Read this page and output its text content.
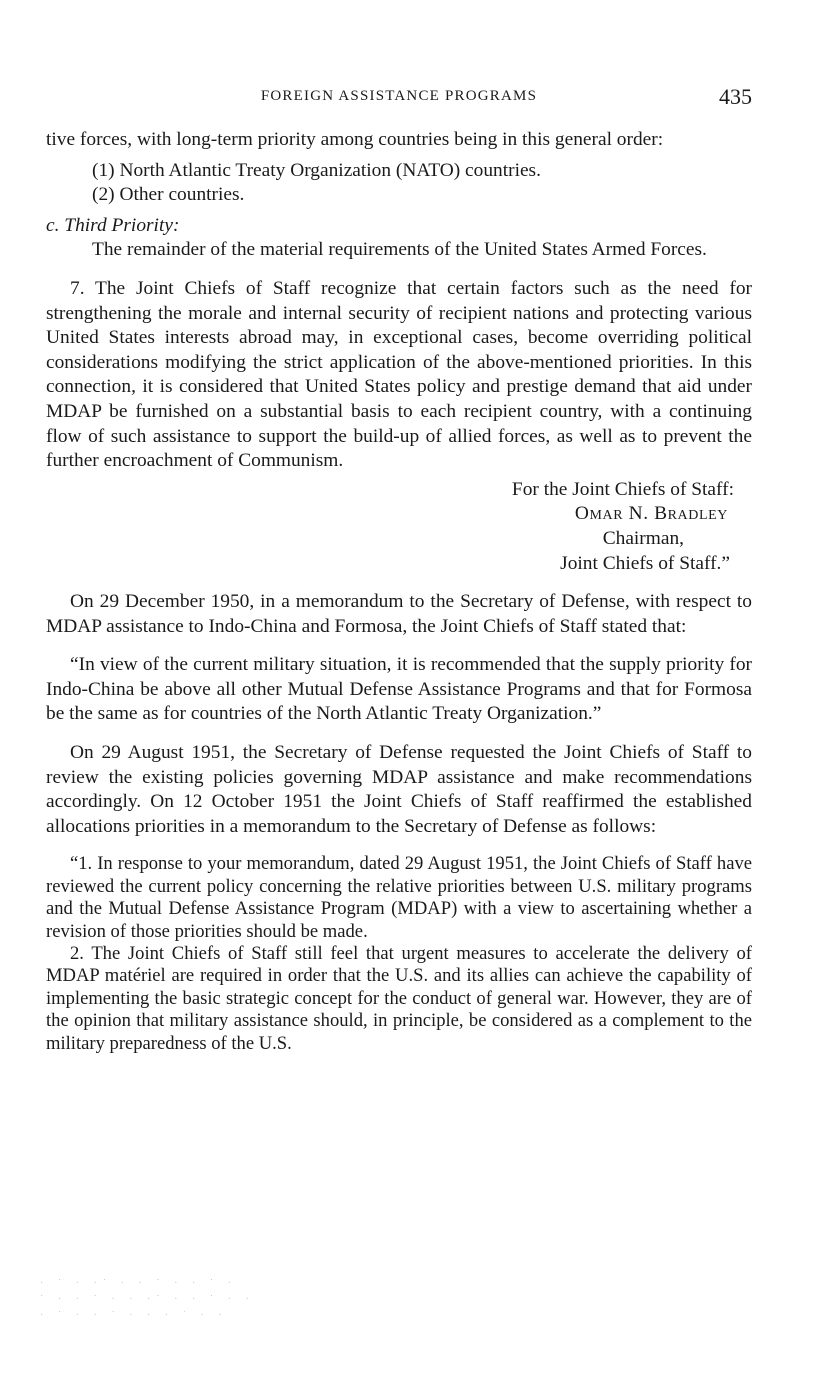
FOREIGN ASSISTANCE PROGRAMS	435

tive forces, with long-term priority among countries being in this general order:

(1) North Atlantic Treaty Organization (NATO) countries.
(2) Other countries.

c. Third Priority:

The remainder of the material requirements of the United States Armed Forces.

7. The Joint Chiefs of Staff recognize that certain factors such as the need for strengthening the morale and internal security of recipient nations and protecting various United States interests abroad may, in exceptional cases, become overriding political considerations modifying the strict application of the above-mentioned priorities. In this connection, it is considered that United States policy and prestige demand that aid under MDAP be furnished on a substantial basis to each recipient country, with a continuing flow of such assistance to support the build-up of allied forces, as well as to prevent the further encroachment of Communism.

For the Joint Chiefs of Staff:
Omar N. Bradley
Chairman,
Joint Chiefs of Staff.”

On 29 December 1950, in a memorandum to the Secretary of Defense, with respect to MDAP assistance to Indo-China and Formosa, the Joint Chiefs of Staff stated that:

“In view of the current military situation, it is recommended that the supply priority for Indo-China be above all other Mutual Defense Assistance Programs and that for Formosa be the same as for countries of the North Atlantic Treaty Organization.”

On 29 August 1951, the Secretary of Defense requested the Joint Chiefs of Staff to review the existing policies governing MDAP assistance and make recommendations accordingly. On 12 October 1951 the Joint Chiefs of Staff reaffirmed the established allocations priorities in a memorandum to the Secretary of Defense as follows:

“1. In response to your memorandum, dated 29 August 1951, the Joint Chiefs of Staff have reviewed the current policy concerning the relative priorities between U.S. military programs and the Mutual Defense Assistance Program (MDAP) with a view to ascertaining whether a revision of those priorities should be made.

2. The Joint Chiefs of Staff still feel that urgent measures to accelerate the delivery of MDAP matériel are required in order that the U.S. and its allies can achieve the capability of implementing the basic strategic concept for the conduct of general war. However, they are of the opinion that military assistance should, in principle, be considered as a complement to the military preparedness of the U.S.

· ˙ · ·˙ · · ˙ · · ˙ ·
˙ · · ˙ · · ·˙ · · ˙ · ·
· ˙ · · ˙ · · · ˙ · ·
